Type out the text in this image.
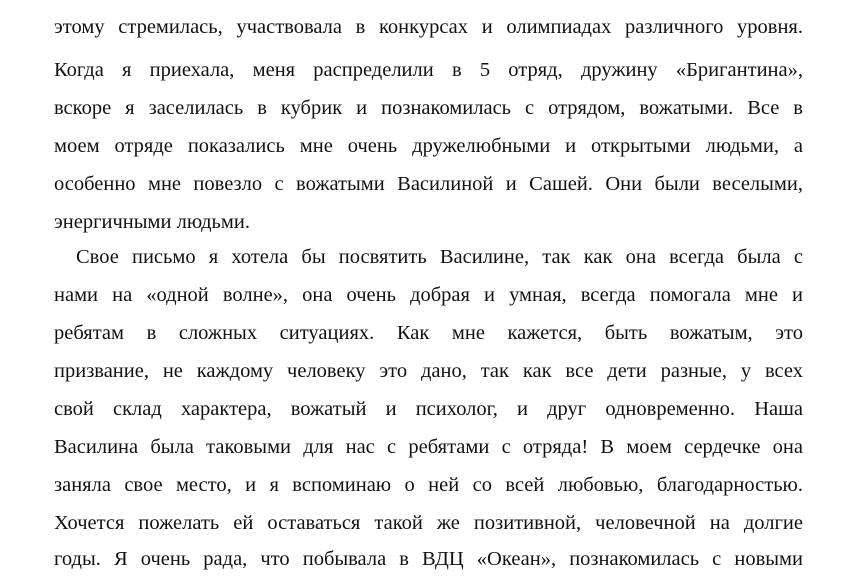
этому стремилась, участвовала в конкурсах и олимпиадах различного уровня.
Когда я приехала, меня распределили в 5 отряд, дружину «Бригантина»,
вскоре я заселилась в кубрик и познакомилась с отрядом, вожатыми. Все в
моем отряде показались мне очень дружелюбными и открытыми людьми, а
особенно мне повезло с вожатыми Василиной и Сашей. Они были веселыми,
энергичными людьми.
Свое письмо я хотела бы посвятить Василине, так как она всегда была с
нами на «одной волне», она очень добрая и умная, всегда помогала мне и
ребятам в сложных ситуациях. Как мне кажется, быть вожатым, это
призвание, не каждому человеку это дано, так как все дети разные, у всех
свой склад характера, вожатый и психолог, и друг одновременно. Наша
Василина была таковыми для нас с ребятами с отряда! В моем сердечке она
заняла свое место, и я вспоминаю о ней со всей любовью, благодарностью.
Хочется пожелать ей оставаться такой же позитивной, человечной на долгие
годы. Я очень рада, что побывала в ВДЦ «Океан», познакомилась с новыми
